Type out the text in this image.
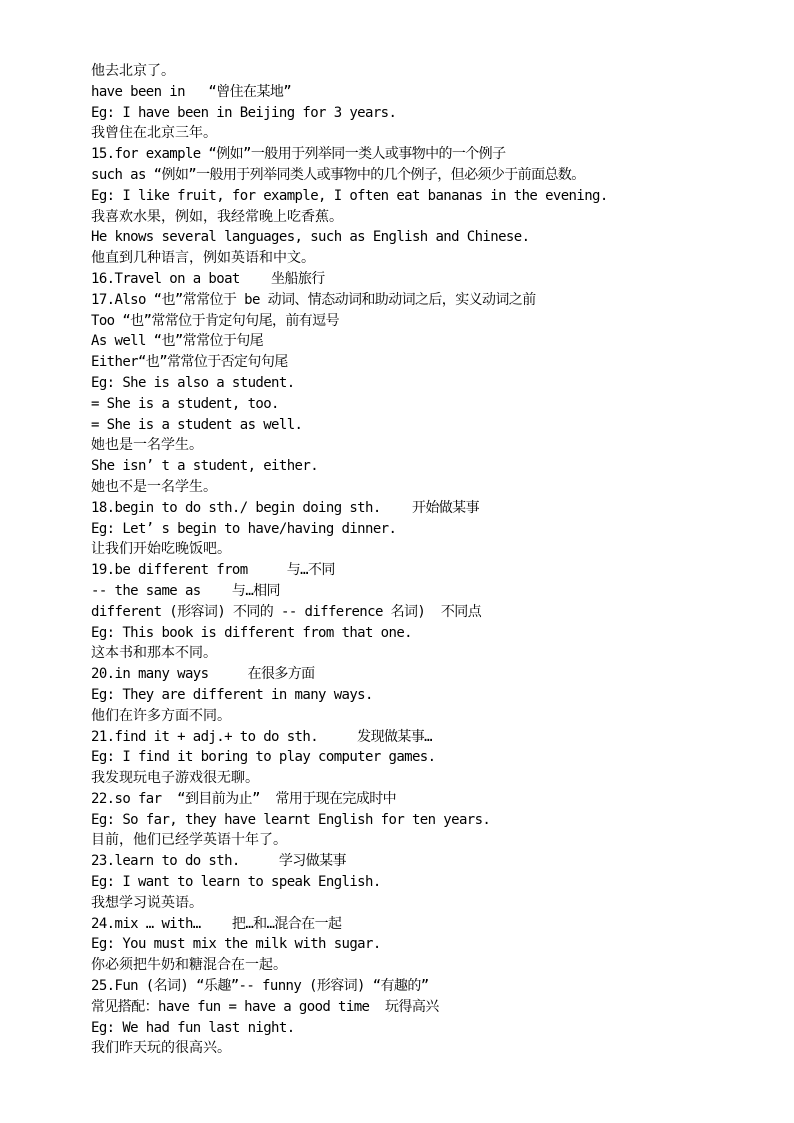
他去北京了。
have been in   “曾住在某地”
Eg: I have been in Beijing for 3 years.
我曾住在北京三年。
15.for example “例如”一般用于列举同一类人或事物中的一个例子
such as “例如”一般用于列举同类人或事物中的几个例子，但必须少于前面总数。
Eg: I like fruit, for example, I often eat bananas in the evening.
我喜欢水果，例如，我经常晚上吃香蕉。
He knows several languages, such as English and Chinese.
他直到几种语言，例如英语和中文。
16.Travel on a boat    坐船旅行
17.Also “也”常常位于 be 动词、情态动词和助动词之后，实义动词之前
Too “也”常常位于肯定句句尾，前有逗号
As well “也”常常位于句尾
Either“也”常常位于否定句句尾
Eg: She is also a student.
= She is a student, too.
= She is a student as well.
她也是一名学生。
She isn’ t a student, either.
她也不是一名学生。
18.begin to do sth./ begin doing sth.    开始做某事
Eg: Let’ s begin to have/having dinner.
让我们开始吃晚饭吧。
19.be different from     与…不同
-- the same as    与…相同
different (形容词) 不同的 -- difference 名词)  不同点
Eg: This book is different from that one.
这本书和那本不同。
20.in many ways     在很多方面
Eg: They are different in many ways.
他们在许多方面不同。
21.find it + adj.+ to do sth.     发现做某事…
Eg: I find it boring to play computer games.
我发现玩电子游戏很无聊。
22.so far  “到目前为止”  常用于现在完成时中
Eg: So far, they have learnt English for ten years.
目前，他们已经学英语十年了。
23.learn to do sth.     学习做某事
Eg: I want to learn to speak English.
我想学习说英语。
24.mix … with…    把…和…混合在一起
Eg: You must mix the milk with sugar.
你必须把牛奶和糖混合在一起。
25.Fun (名词) “乐趣”-- funny (形容词) “有趣的”
常见搭配：have fun = have a good time  玩得高兴
Eg: We had fun last night.
我们昨天玩的很高兴。
